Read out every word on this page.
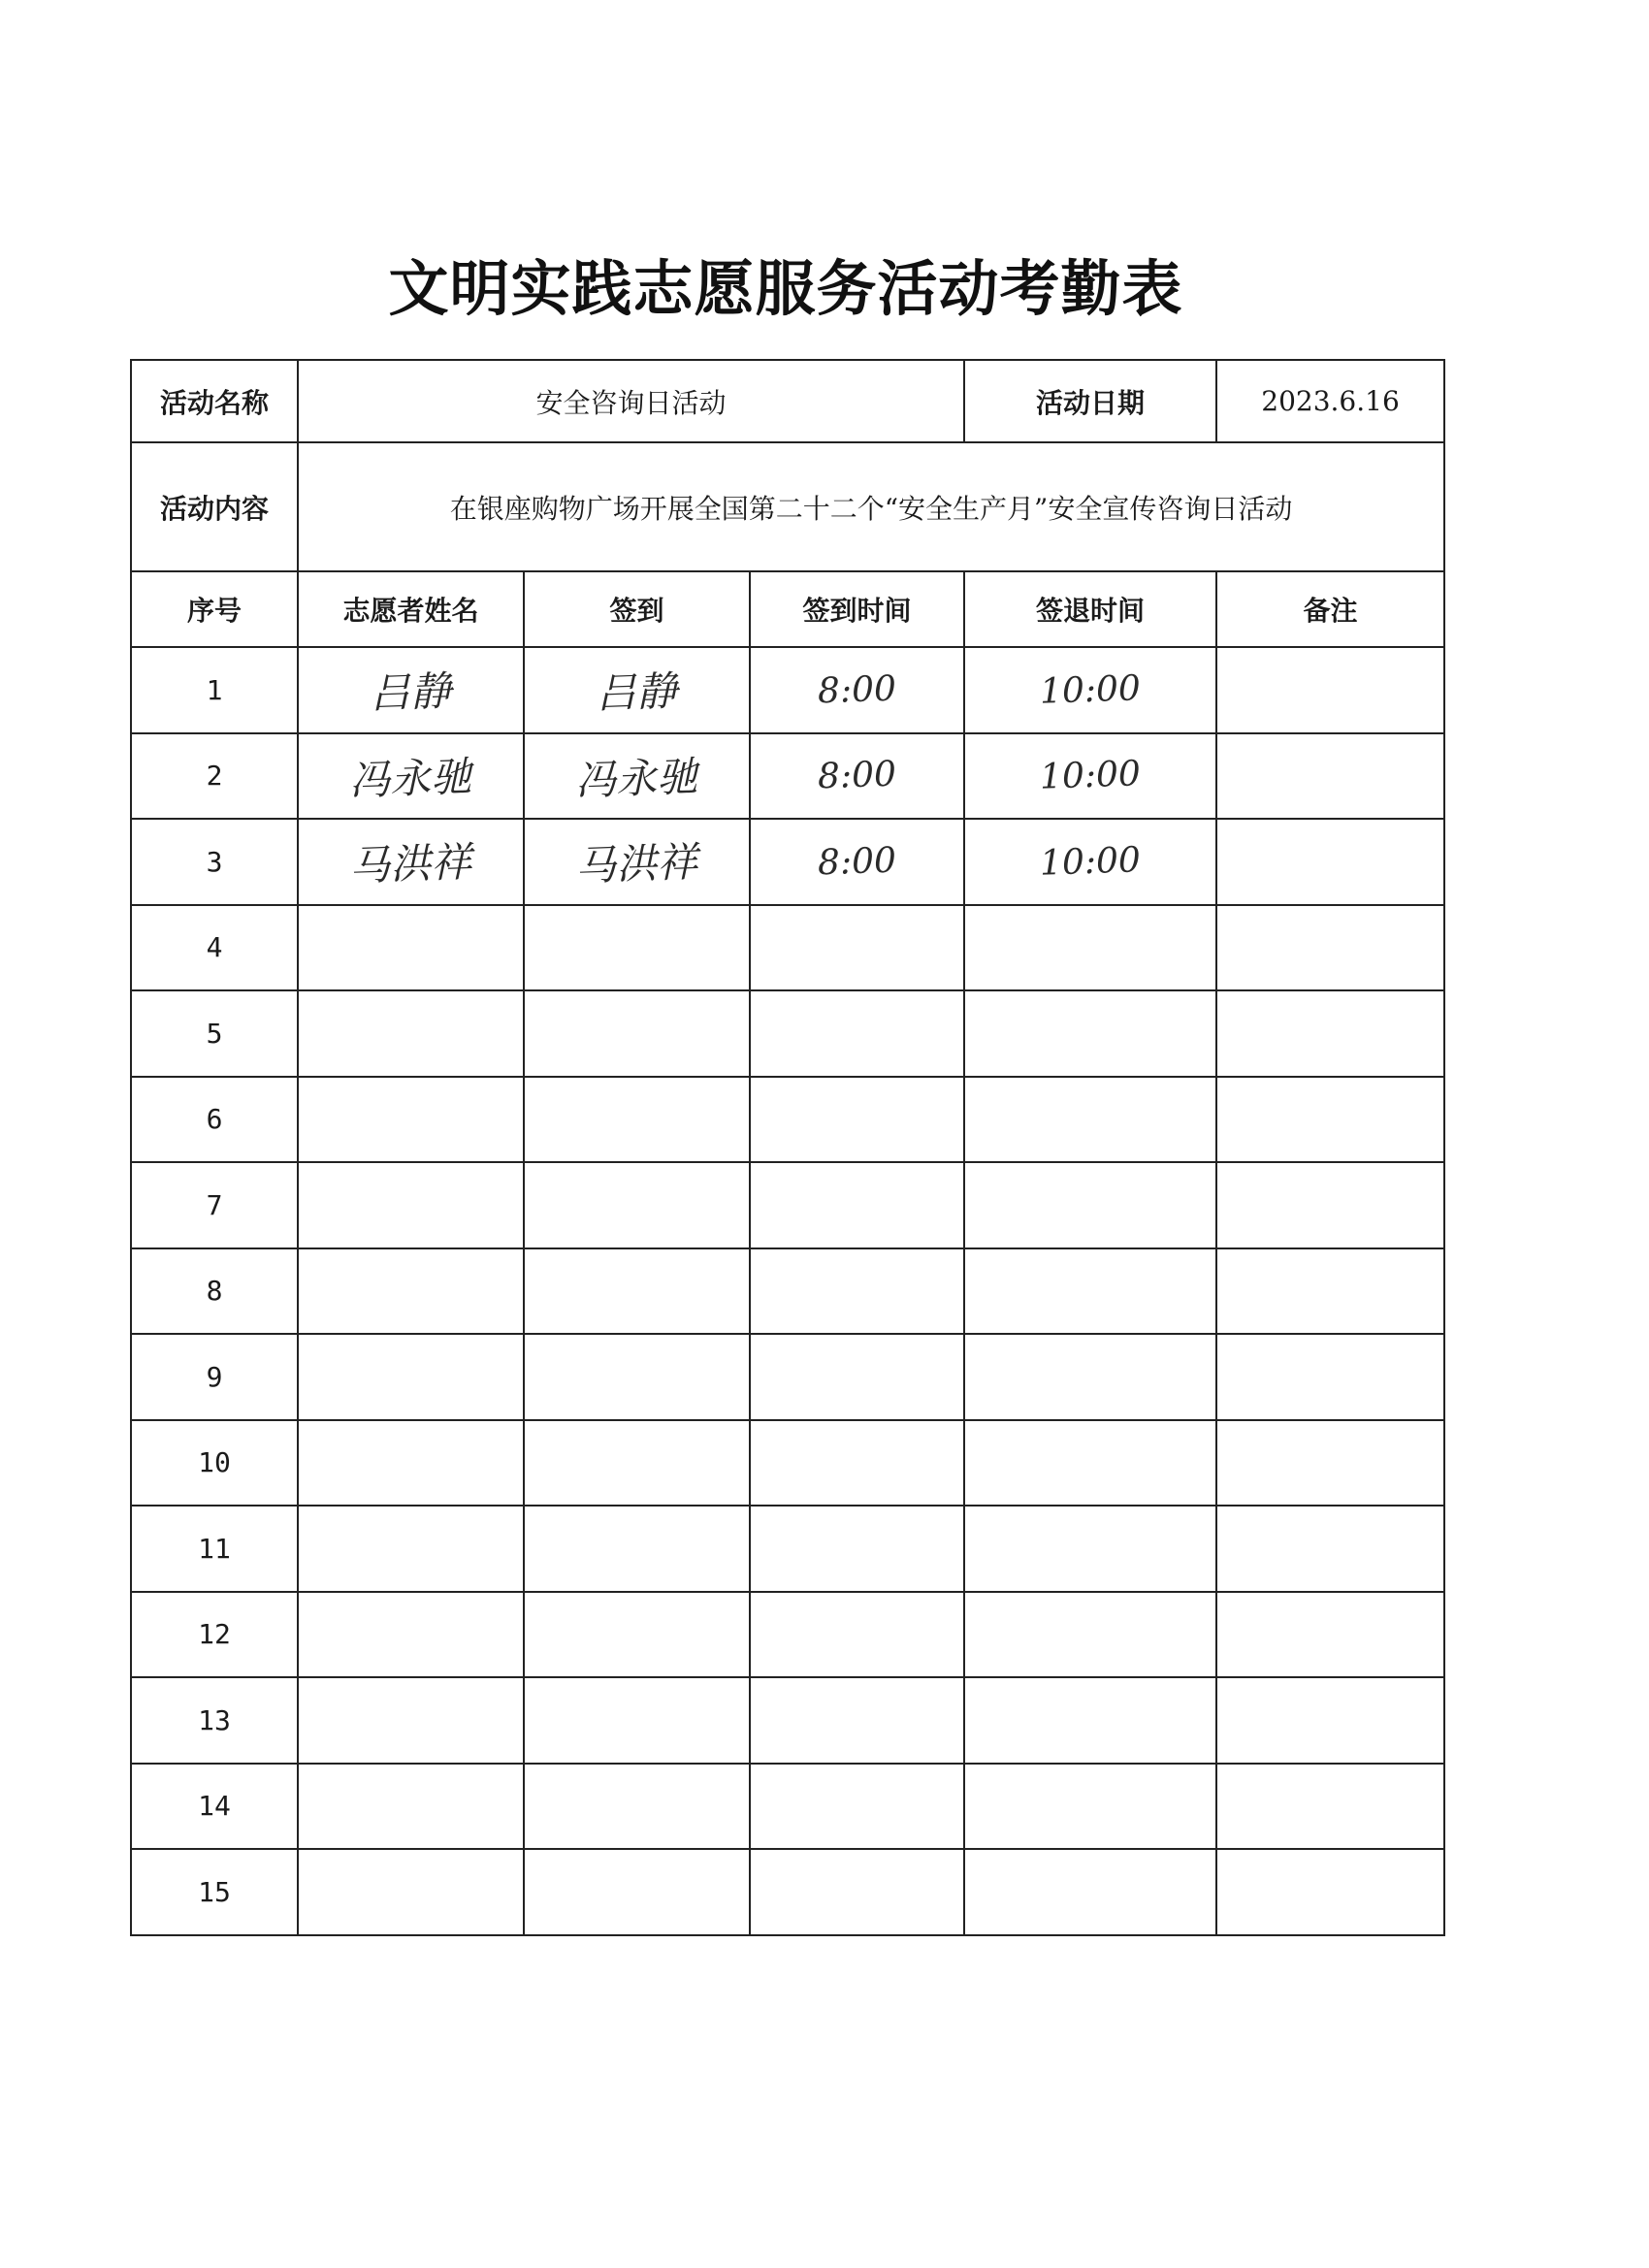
文明实践志愿服务活动考勤表
活动名称	安全咨询日活动			活动日期	2023.6.16
活动内容	在银座购物广场开展全国第二十二个“安全生产月”安全宣传咨询日活动				
序号	志愿者姓名	签到	签到时间	签退时间	备注
1	吕静	吕静	8:00	10:00	
2	冯永驰	冯永驰	8:00	10:00	
3	马洪祥	马洪祥	8:00	10:00	
4					
5					
6					
7					
8					
9					
10					
11					
12					
13					
14					
15					
